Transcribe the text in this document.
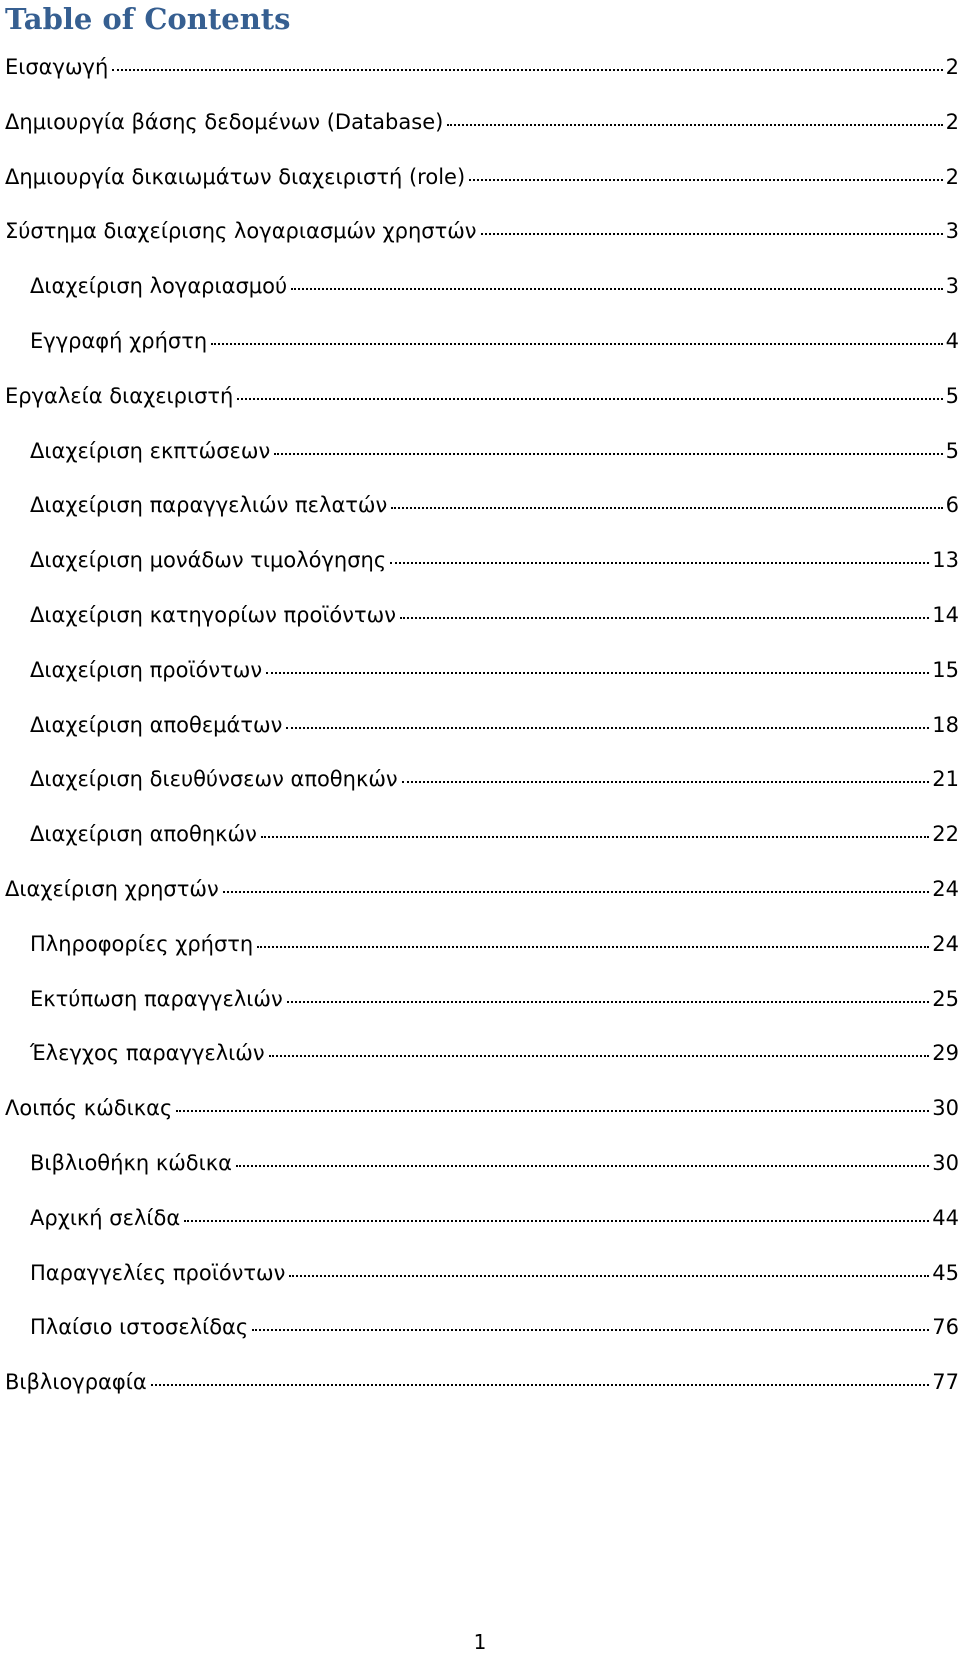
Table of Contents
Εισαγωγή	2
Δημιουργία βάσης δεδομένων (Database)	2
Δημιουργία δικαιωμάτων διαχειριστή (role)	2
Σύστημα διαχείρισης λογαριασμών χρηστών	3
Διαχείριση λογαριασμού	3
Εγγραφή χρήστη	4
Εργαλεία διαχειριστή	5
Διαχείριση εκπτώσεων	5
Διαχείριση παραγγελιών πελατών	6
Διαχείριση μονάδων τιμολόγησης	13
Διαχείριση κατηγορίων προϊόντων	14
Διαχείριση προϊόντων	15
Διαχείριση αποθεμάτων	18
Διαχείριση διευθύνσεων αποθηκών	21
Διαχείριση αποθηκών	22
Διαχείριση χρηστών	24
Πληροφορίες χρήστη	24
Εκτύπωση παραγγελιών	25
Έλεγχος παραγγελιών	29
Λοιπός κώδικας	30
Βιβλιοθήκη κώδικα	30
Αρχική σελίδα	44
Παραγγελίες προϊόντων	45
Πλαίσιο ιστοσελίδας	76
Βιβλιογραφία	77
1
